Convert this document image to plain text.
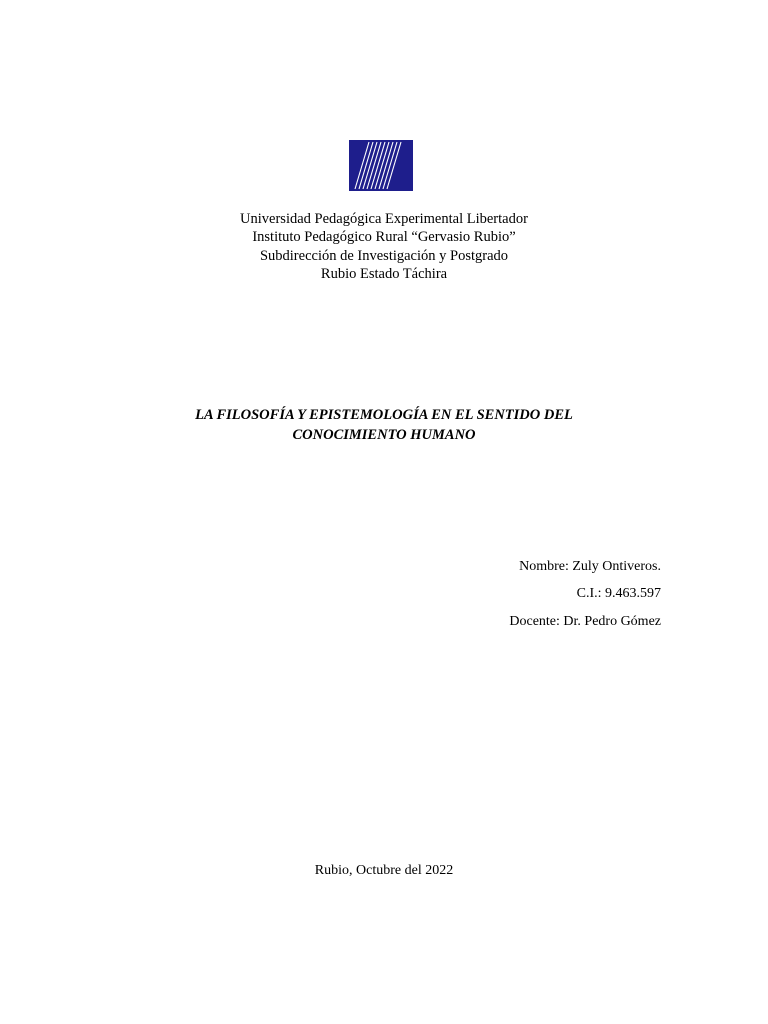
Universidad Pedagógica Experimental Libertador
Instituto Pedagógico Rural “Gervasio Rubio”
Subdirección de Investigación y Postgrado
Rubio Estado Táchira
LA FILOSOFÍA Y EPISTEMOLOGÍA EN EL SENTIDO DEL
CONOCIMIENTO HUMANO
Nombre: Zuly Ontiveros.
C.I.: 9.463.597
Docente: Dr. Pedro Gómez
Rubio, Octubre del 2022
